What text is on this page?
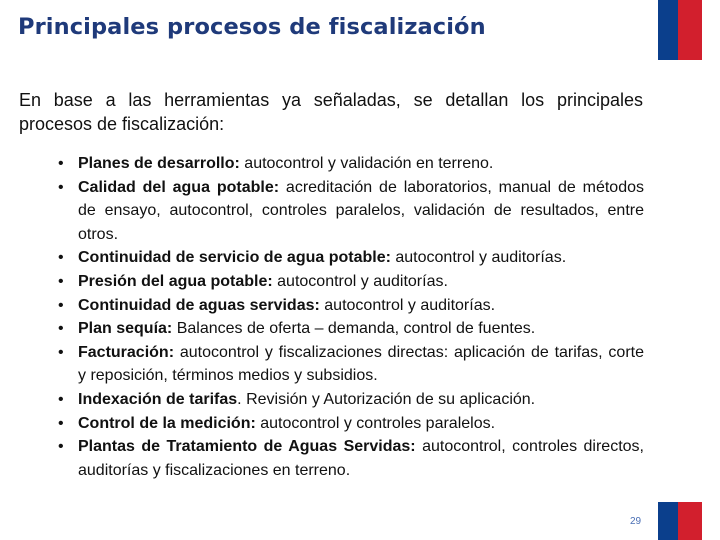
Principales procesos de fiscalización
En base a las herramientas ya señaladas, se detallan los principales procesos de fiscalización:
• Planes de desarrollo: autocontrol y validación en terreno.
• Calidad del agua potable: acreditación de laboratorios, manual de métodos de ensayo, autocontrol, controles paralelos, validación de resultados, entre otros.
• Continuidad de servicio de agua potable: autocontrol y auditorías.
• Presión del agua potable: autocontrol y auditorías.
• Continuidad de aguas servidas: autocontrol y auditorías.
• Plan sequía: Balances de oferta – demanda, control de fuentes.
• Facturación: autocontrol y fiscalizaciones directas: aplicación de tarifas, corte y reposición, términos medios y subsidios.
• Indexación de tarifas. Revisión y Autorización de su aplicación.
• Control de la medición: autocontrol y controles paralelos.
• Plantas de Tratamiento de Aguas Servidas: autocontrol, controles directos, auditorías y fiscalizaciones en terreno.
29
